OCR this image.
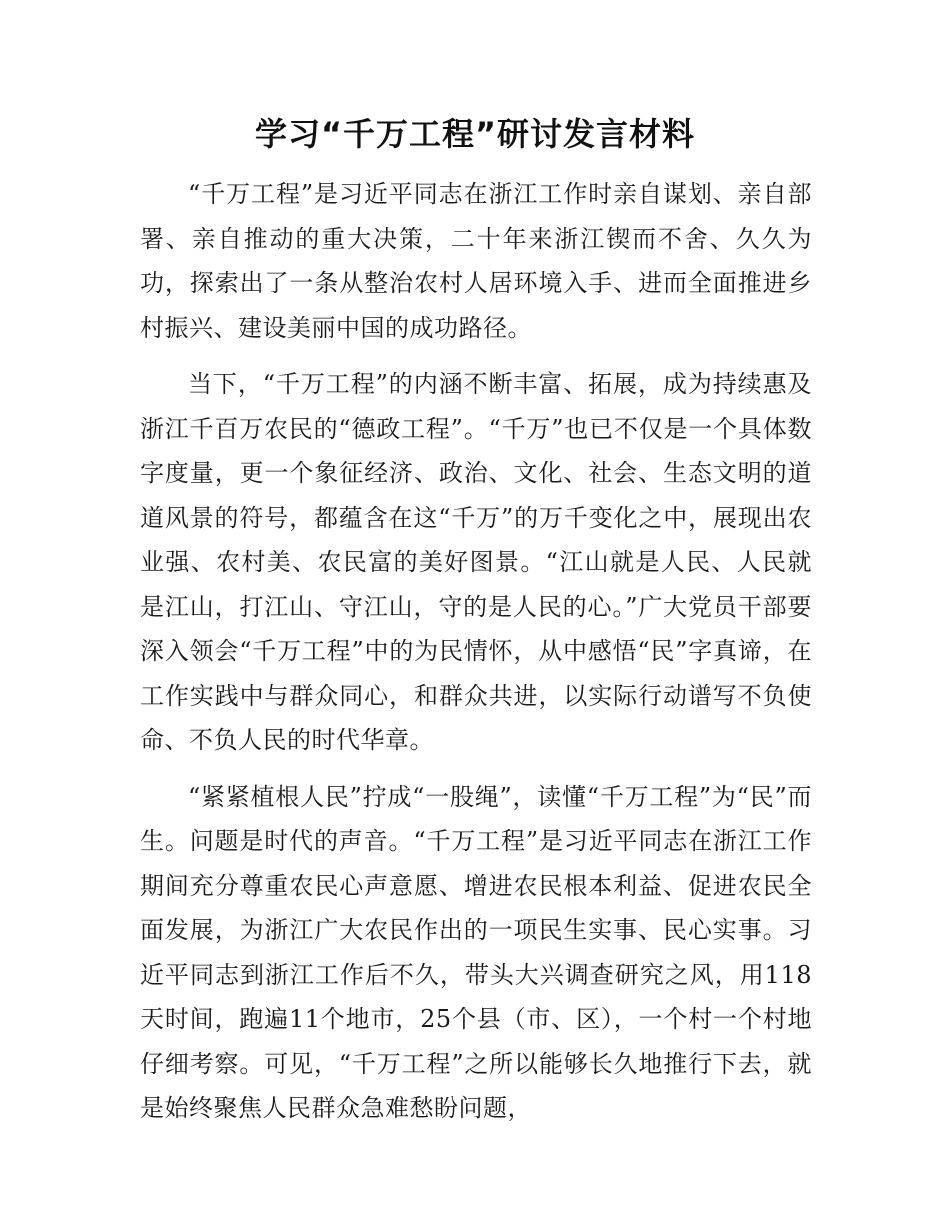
学习“千万工程”研讨发言材料

“千万工程”是习近平同志在浙江工作时亲自谋划、亲自部署、亲自推动的重大决策，二十年来浙江锲而不舍、久久为功，探索出了一条从整治农村人居环境入手、进而全面推进乡村振兴、建设美丽中国的成功路径。

当下，“千万工程”的内涵不断丰富、拓展，成为持续惠及浙江千百万农民的“德政工程”。“千万”也已不仅是一个具体数字度量，更一个象征经济、政治、文化、社会、生态文明的道道风景的符号，都蕴含在这“千万”的万千变化之中，展现出农业强、农村美、农民富的美好图景。“江山就是人民、人民就是江山，打江山、守江山，守的是人民的心。”广大党员干部要深入领会“千万工程”中的为民情怀，从中感悟“民”字真谛，在工作实践中与群众同心，和群众共进，以实际行动谱写不负使命、不负人民的时代华章。

“紧紧植根人民”拧成“一股绳”，读懂“千万工程”为“民”而生。问题是时代的声音。“千万工程”是习近平同志在浙江工作期间充分尊重农民心声意愿、增进农民根本利益、促进农民全面发展，为浙江广大农民作出的一项民生实事、民心实事。习近平同志到浙江工作后不久，带头大兴调查研究之风，用118天时间，跑遍11个地市，25个县（市、区），一个村一个村地仔细考察。可见，“千万工程”之所以能够长久地推行下去，就是始终聚焦人民群众急难愁盼问题，
